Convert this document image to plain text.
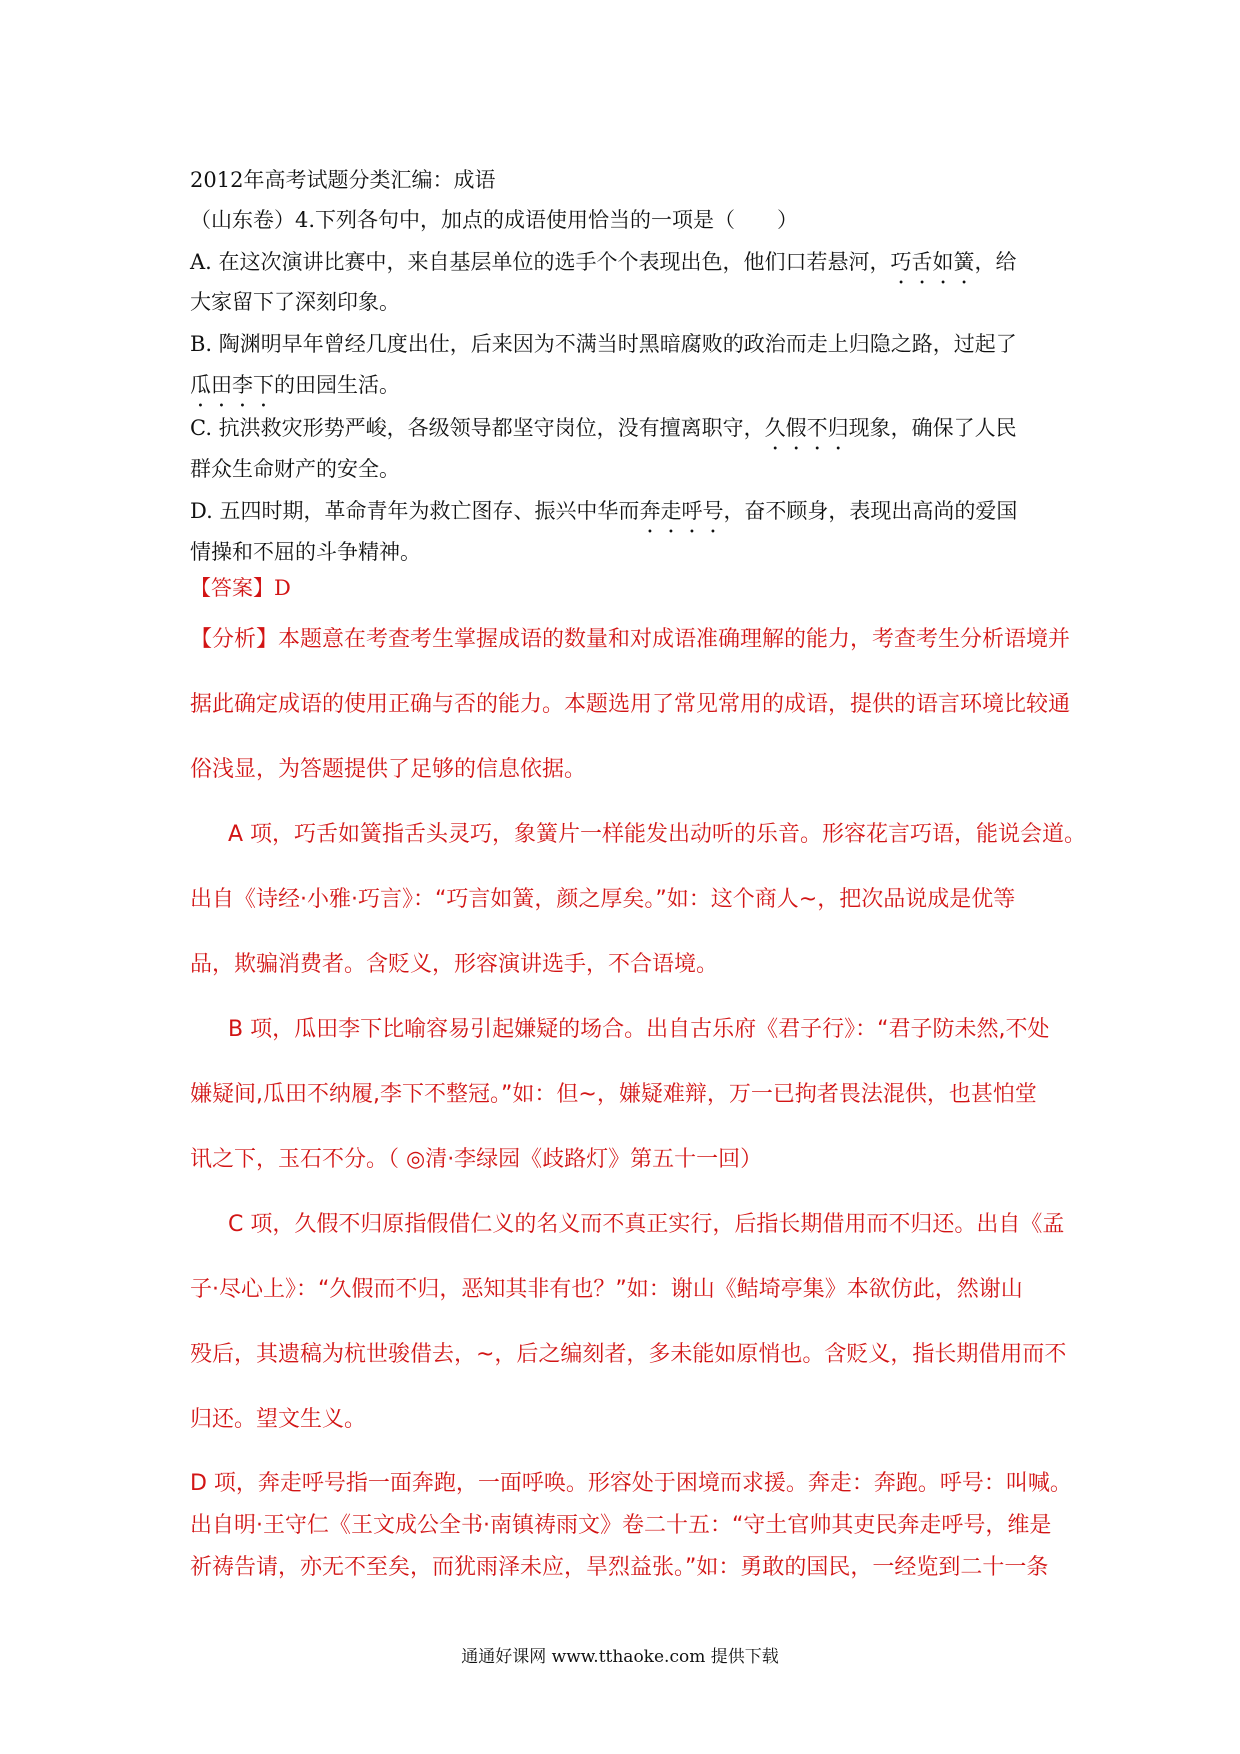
2012年高考试题分类汇编：成语
（山东卷）4.下列各句中，加点的成语使用恰当的一项是（　　）
A. 在这次演讲比赛中，来自基层单位的选手个个表现出色，他们口若悬河，巧舌如簧，给
大家留下了深刻印象。
B. 陶渊明早年曾经几度出仕，后来因为不满当时黑暗腐败的政治而走上归隐之路，过起了
瓜田李下的田园生活。
C. 抗洪救灾形势严峻，各级领导都坚守岗位，没有擅离职守，久假不归现象，确保了人民
群众生命财产的安全。
D. 五四时期，革命青年为救亡图存、振兴中华而奔走呼号，奋不顾身，表现出高尚的爱国
情操和不屈的斗争精神。
【答案】D
【分析】本题意在考查考生掌握成语的数量和对成语准确理解的能力，考查考生分析语境并
据此确定成语的使用正确与否的能力。本题选用了常见常用的成语，提供的语言环境比较通
俗浅显，为答题提供了足够的信息依据。
A 项，巧舌如簧指舌头灵巧，象簧片一样能发出动听的乐音。形容花言巧语，能说会道。
出自《诗经·小雅·巧言》：“巧言如簧，颜之厚矣。”如：这个商人~，把次品说成是优等
品，欺骗消费者。含贬义，形容演讲选手，不合语境。
B 项，瓜田李下比喻容易引起嫌疑的场合。出自古乐府《君子行》：“君子防未然,不处
嫌疑间,瓜田不纳履,李下不整冠。”如：但~，嫌疑难辩，万一已拘者畏法混供，也甚怕堂
讯之下，玉石不分。（ ◎清·李绿园《歧路灯》第五十一回）
C 项，久假不归原指假借仁义的名义而不真正实行，后指长期借用而不归还。出自《孟
子·尽心上》：“久假而不归，恶知其非有也？”如：谢山《鲒埼亭集》本欲仿此，然谢山
殁后，其遗稿为杭世骏借去，~，后之编刻者，多未能如原悄也。含贬义，指长期借用而不
归还。望文生义。
D 项，奔走呼号指一面奔跑，一面呼唤。形容处于困境而求援。奔走：奔跑。呼号：叫喊。
出自明·王守仁《王文成公全书·南镇祷雨文》卷二十五：“守土官帅其吏民奔走呼号，维是
祈祷告请，亦无不至矣，而犹雨泽未应，旱烈益张。”如：勇敢的国民，一经览到二十一条
通通好课网 www.tthaoke.com 提供下载
